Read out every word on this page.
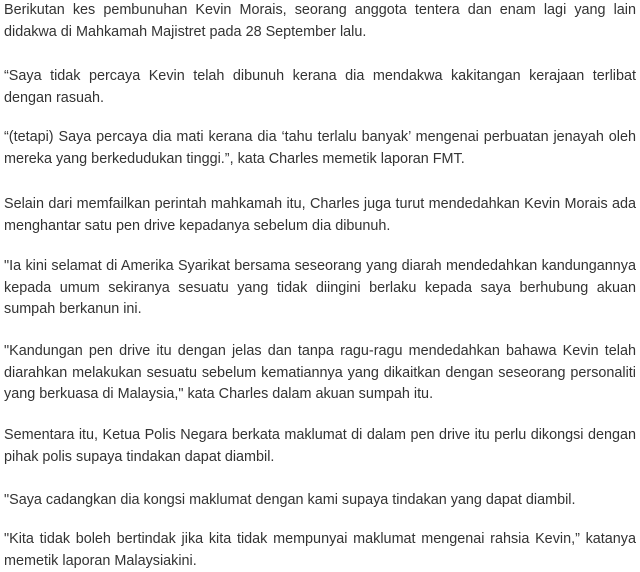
Berikutan kes pembunuhan Kevin Morais, seorang anggota tentera dan enam lagi yang lain didakwa di Mahkamah Majistret pada 28 September lalu.

“Saya tidak percaya Kevin telah dibunuh kerana dia mendakwa kakitangan kerajaan terlibat dengan rasuah.

“(tetapi) Saya percaya dia mati kerana dia ‘tahu terlalu banyak’ mengenai perbuatan jenayah oleh mereka yang berkedudukan tinggi.”, kata Charles memetik laporan FMT.

Selain dari memfailkan perintah mahkamah itu, Charles juga turut mendedahkan Kevin Morais ada menghantar satu pen drive kepadanya sebelum dia dibunuh.

"Ia kini selamat di Amerika Syarikat bersama seseorang yang diarah mendedahkan kandungannya kepada umum sekiranya sesuatu yang tidak diingini berlaku kepada saya berhubung akuan sumpah berkanun ini.

"Kandungan pen drive itu dengan jelas dan tanpa ragu-ragu mendedahkan bahawa Kevin telah diarahkan melakukan sesuatu sebelum kematiannya yang dikaitkan dengan seseorang personaliti yang berkuasa di Malaysia," kata Charles dalam akuan sumpah itu.

Sementara itu, Ketua Polis Negara berkata maklumat di dalam pen drive itu perlu dikongsi dengan pihak polis supaya tindakan dapat diambil.

"Saya cadangkan dia kongsi maklumat dengan kami supaya tindakan yang dapat diambil.

"Kita tidak boleh bertindak jika kita tidak mempunyai maklumat mengenai rahsia Kevin,” katanya memetik laporan Malaysiakini.
